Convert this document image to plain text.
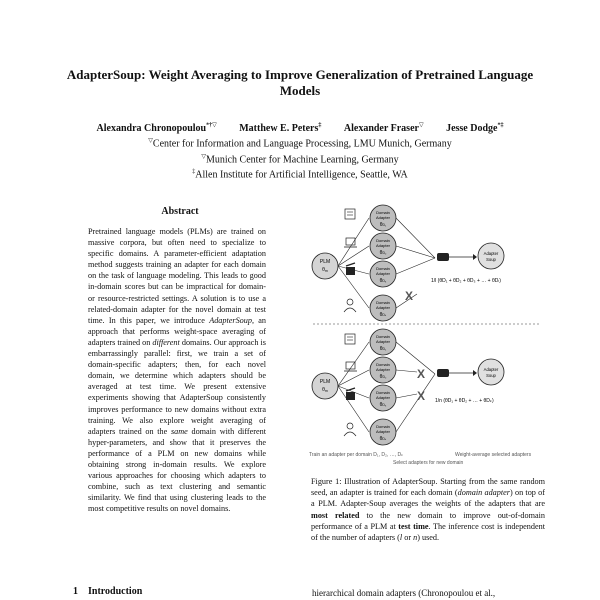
AdapterSoup: Weight Averaging to Improve Generalization of Pretrained Language Models
Alexandra Chronopoulou*†▽ Matthew E. Peters‡ Alexander Fraser▽ Jesse Dodge*‡
▽Center for Information and Language Processing, LMU Munich, Germany
▽Munich Center for Machine Learning, Germany
‡Allen Institute for Artificial Intelligence, Seattle, WA
Abstract

Pretrained language models (PLMs) are trained on massive corpora, but often need to specialize to specific domains. A parameter-efficient adaptation method suggests training an adapter for each domain on the task of language modeling. This leads to good in-domain scores but can be impractical for domain- or resource-restricted settings. A solution is to use a related-domain adapter for the novel domain at test time. In this paper, we introduce AdapterSoup, an approach that performs weight-space averaging of adapters trained on different domains. Our approach is embarrassingly parallel: first, we train a set of domain-specific adapters; then, for each novel domain, we determine which adapters should be averaged at test time. We present extensive experiments showing that AdapterSoup consistently improves performance to new domains without extra training. We also explore weight averaging of adapters trained on the same domain with different hyper-parameters, and show that it preserves the performance of a PLM on new domains while obtaining strong in-domain results. We explore various approaches for choosing which adapters to combine, such as text clustering and semantic similarity. We find that using clustering leads to the most competitive results on novel domains.

1 Introduction	hierarchical domain adapters (Chronopoulou et al.,
PLM
$\theta_m$
Domain
Adapter
θD₁
Domain
Adapter
θD₂
Domain
Adapter
θD₃
Domain
Adapter
θDₖ
X
Adapter
Soup
1/l (θD₁ + θD₂ + θD₃ + … + θDₗ)
PLM
$\theta_m$
Domain
Adapter
θD₁
Domain
Adapter
θD₂
Domain
Adapter
θD₃
Domain
Adapter
θDₖ
X
X
Adapter
Soup
1/n (θD₁ + θD₂ + … + θDₖ)
Train an adapter per domain D₁, D₂, …, Dₖ
Select adapters for new domain
Weight-average selected adapters

Figure 1: Illustration of AdapterSoup. Starting from the same random seed, an adapter is trained for each domain (domain adapter) on top of a PLM. Adapter-Soup averages the weights of the adapters that are most related to the new domain to improve out-of-domain performance of a PLM at test time. The inference cost is independent of the number of adapters (l or n) used.
